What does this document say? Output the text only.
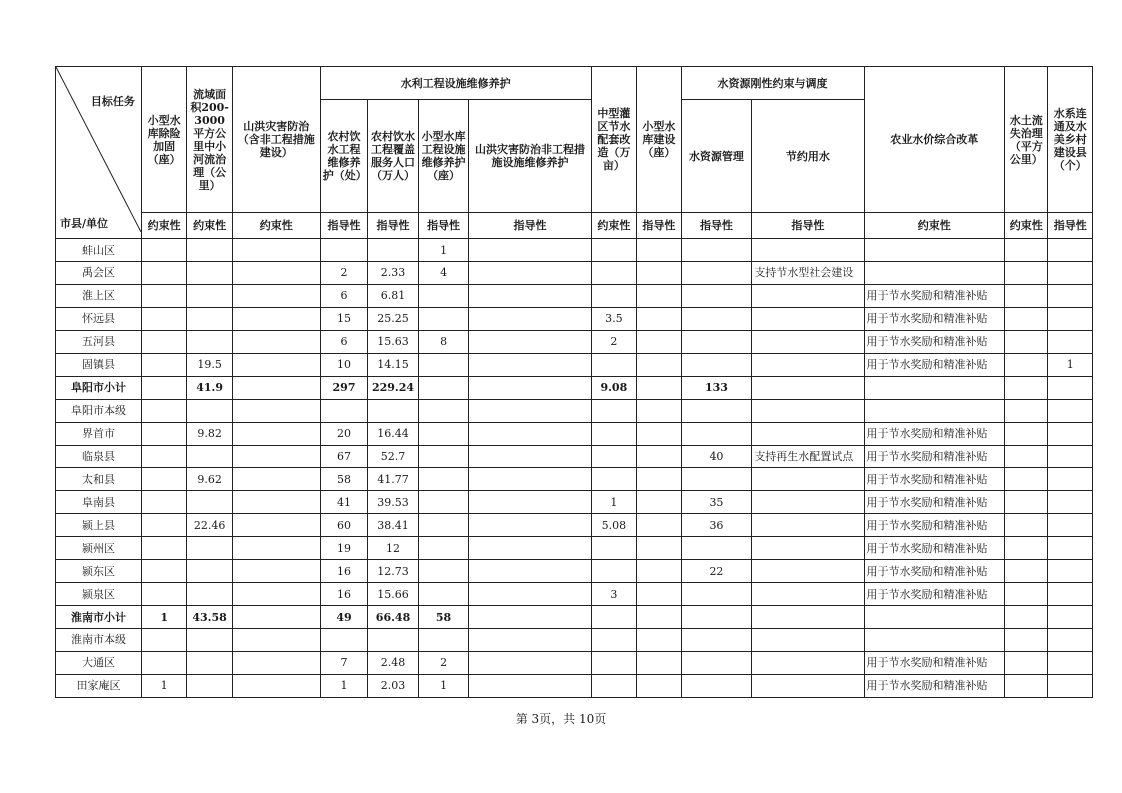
目标任务
市县/单位	小型水库除险加固（座）	流域面积200-3000平方公里中小河流治理（公里）	山洪灾害防治（含非工程措施建设）	水利工程设施维修养护				中型灌区节水配套改造（万亩）	小型水库建设（座）	水资源刚性约束与调度		农业水价综合改革	水土流失治理（平方公里）	水系连通及水美乡村建设县（个）
				农村饮水工程维修养护（处）	农村饮水工程覆盖服务人口（万人）	小型水库工程设施维修养护（座）	山洪灾害防治非工程措施设施维修养护			水资源管理	节约用水			
	约束性	约束性	约束性	指导性	指导性	指导性	指导性	约束性	指导性	指导性	指导性	约束性	约束性	指导性
蚌山区						1								
禹会区				2	2.33	4					支持节水型社会建设			
淮上区				6	6.81							用于节水奖励和精准补贴		
怀远县				15	25.25			3.5				用于节水奖励和精准补贴		
五河县				6	15.63	8		2				用于节水奖励和精准补贴		
固镇县		19.5		10	14.15							用于节水奖励和精准补贴		1
阜阳市小计		41.9		297	229.24			9.08		133				
阜阳市本级														
界首市		9.82		20	16.44							用于节水奖励和精准补贴		
临泉县				67	52.7					40	支持再生水配置试点	用于节水奖励和精准补贴		
太和县		9.62		58	41.77							用于节水奖励和精准补贴		
阜南县				41	39.53			1		35		用于节水奖励和精准补贴		
颍上县		22.46		60	38.41			5.08		36		用于节水奖励和精准补贴		
颍州区				19	12							用于节水奖励和精准补贴		
颍东区				16	12.73					22		用于节水奖励和精准补贴		
颍泉区				16	15.66			3				用于节水奖励和精准补贴		
淮南市小计	1	43.58		49	66.48	58								
淮南市本级														
大通区				7	2.48	2						用于节水奖励和精准补贴		
田家庵区	1			1	2.03	1						用于节水奖励和精准补贴		
第 3页，共 10页
